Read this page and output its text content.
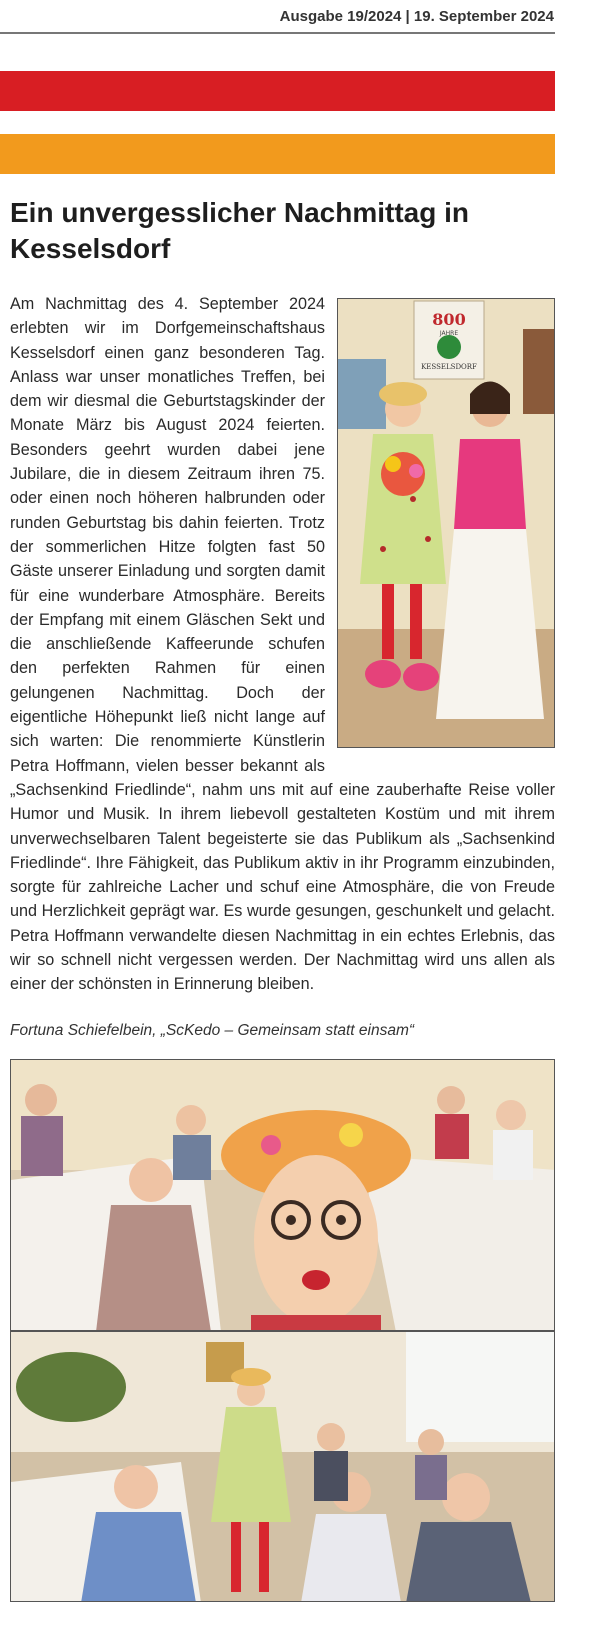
Ausgabe 19/2024 | 19. September 2024
Ein unvergesslicher Nachmittag in Kesselsdorf
800
JAHRE
KESSELSDORF
Am Nachmittag des 4. September 2024 erlebten wir im Dorfgemeinschaftshaus Kesselsdorf einen ganz besonderen Tag. Anlass war unser monatliches Treffen, bei dem wir diesmal die Geburtstagskinder der Monate März bis August 2024 feierten. Besonders geehrt wurden dabei jene Jubilare, die in diesem Zeitraum ihren 75. oder einen noch höheren halbrunden oder runden Geburtstag bis dahin feierten. Trotz der sommerlichen Hitze folgten fast 50 Gäste unserer Einladung und sorgten damit für eine wunderbare Atmosphäre. Bereits der Empfang mit einem Gläschen Sekt und die anschließende Kaffeerunde schufen den perfekten Rahmen für einen gelungenen Nachmittag. Doch der eigentliche Höhepunkt ließ nicht lange auf sich warten: Die renommierte Künstlerin Petra Hoffmann, vielen besser bekannt als „Sachsenkind Friedlinde“, nahm uns mit auf eine zauberhafte Reise voller Humor und Musik. In ihrem liebevoll gestalteten Kostüm und mit ihrem unverwechselbaren Talent begeisterte sie das Publikum als „Sachsenkind Friedlinde“. Ihre Fähigkeit, das Publikum aktiv in ihr Programm einzubinden, sorgte für zahlreiche Lacher und schuf eine Atmosphäre, die von Freude und Herzlichkeit geprägt war. Es wurde gesungen, geschunkelt und gelacht. Petra Hoffmann verwandelte diesen Nachmittag in ein echtes Erlebnis, das wir so schnell nicht vergessen werden. Der Nachmittag wird uns allen als einer der schönsten in Erinnerung bleiben.

Fortuna Schiefelbein, „ScKedo – Gemeinsam statt einsam“
